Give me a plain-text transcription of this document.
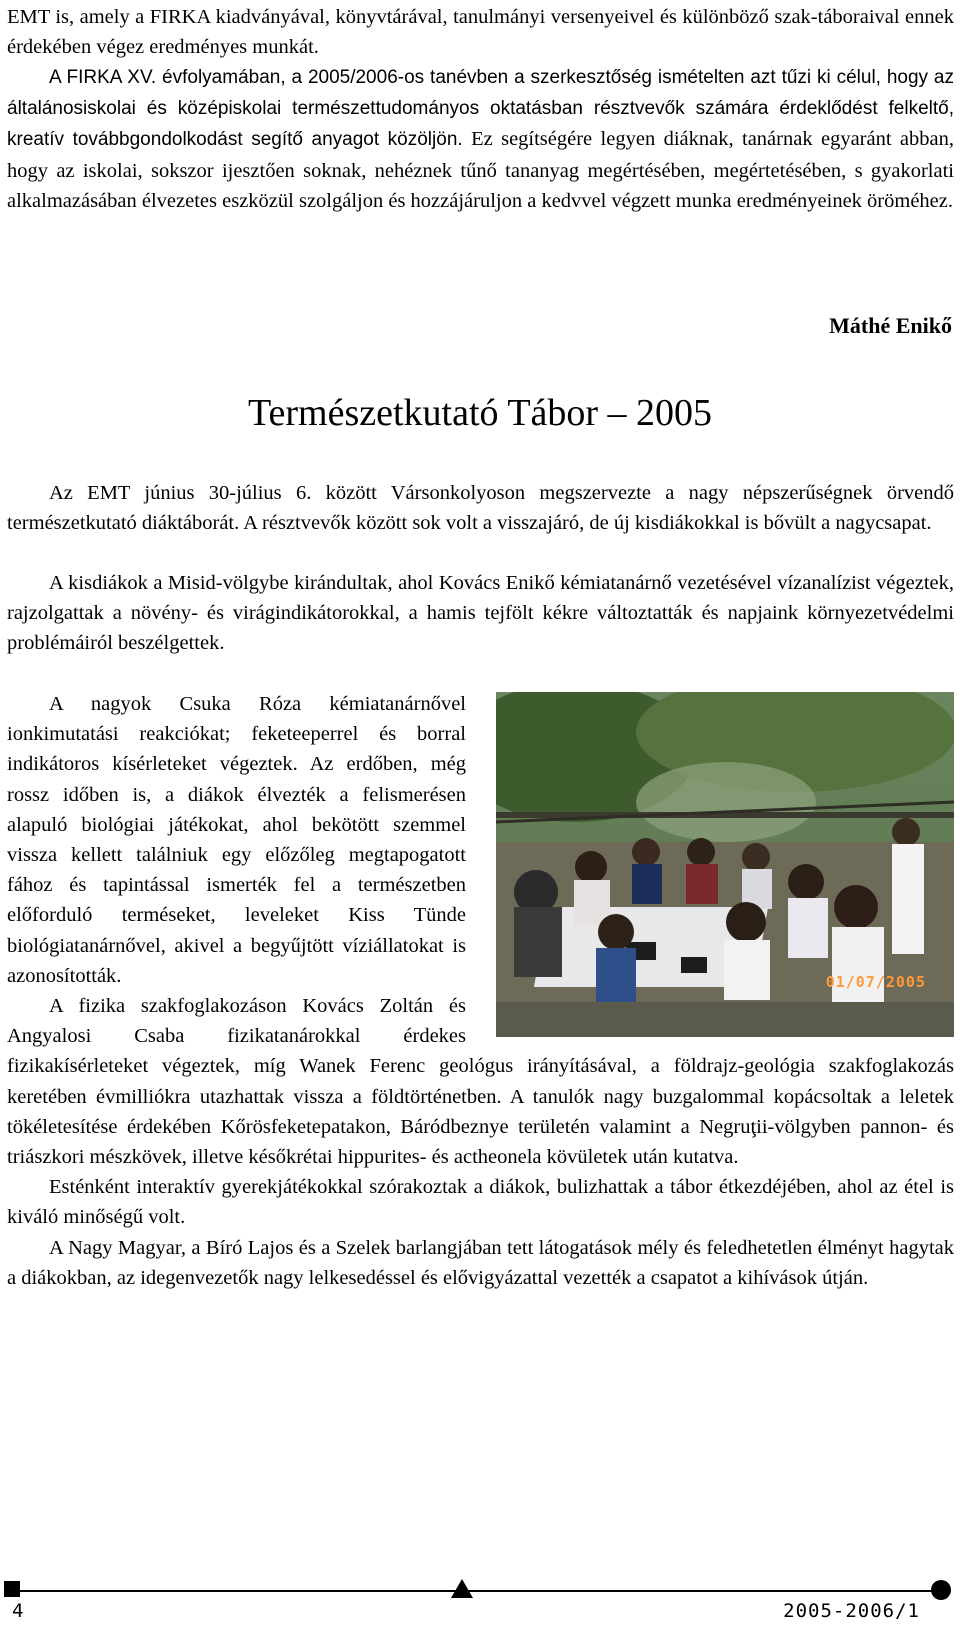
EMT is, amely a FIRKA kiadványával, könyvtárával, tanulmányi versenyeivel és különböző szak-táboraival ennek érdekében végez eredményes munkát.

A FIRKA XV. évfolyamában, a 2005/2006-os tanévben a szerkesztőség ismételten azt tűzi ki célul, hogy az általánosiskolai és középiskolai természettudományos oktatásban résztvevők számára érdeklődést felkeltő, kreatív továbbgondolkodást segítő anyagot közöljön. Ez segítségére legyen diáknak, tanárnak egyaránt abban, hogy az iskolai, sokszor ijesztően soknak, nehéznek tűnő tananyag megértésében, megértetésében, s gyakorlati alkalmazásában élvezetes eszközül szolgáljon és hozzájáruljon a kedvvel végzett munka eredményeinek öröméhez.

Máthé Enikő
Természetkutató Tábor – 2005

Az EMT június 30-július 6. között Vársonkolyoson megszervezte a nagy népszerűségnek örvendő természetkutató diáktáborát. A résztvevők között sok volt a visszajáró, de új kisdiákokkal is bővült a nagycsapat.

A kisdiákok a Misid-völgybe kirándultak, ahol Kovács Enikő kémiatanárnő vezetésével vízanalízist végeztek, rajzolgattak a növény- és virágindikátorokkal, a hamis tejfölt kékre változtatták és napjaink környezetvédelmi problémáiról beszélgettek.

01/07/2005

A nagyok Csuka Róza kémiatanárnővel ionkimutatási reakciókat; feketeeperrel és borral indikátoros kísérleteket végeztek. Az erdőben, még rossz időben is, a diákok élvezték a felismerésen alapuló biológiai játékokat, ahol bekötött szemmel vissza kellett találniuk egy előzőleg megtapogatott fához és tapintással ismerték fel a természetben előforduló terméseket, leveleket Kiss Tünde biológiatanárnővel, akivel a begyűjtött víziállatokat is azonosították.

A fizika szakfoglakozáson Kovács Zoltán és Angyalosi Csaba fizikatanárokkal érdekes fizikakísérleteket végeztek, míg Wanek Ferenc geológus irányításával, a földrajz-geológia szakfoglakozás keretében évmilliókra utazhattak vissza a földtörténetben. A tanulók nagy buzgalommal kopácsoltak a leletek tökéletesítése érdekében Kőrösfeketepatakon, Báródbeznye területén valamint a Negruţii-völgyben pannon- és triászkori mészkövek, illetve későkrétai hippurites- és actheonela kövületek után kutatva.

Esténként interaktív gyerekjátékokkal szórakoztak a diákok, bulizhattak a tábor étkezdéjében, ahol az étel is kiváló minőségű volt.

A Nagy Magyar, a Bíró Lajos és a Szelek barlangjában tett látogatások mély és feledhetetlen élményt hagytak a diákokban, az idegenvezetők nagy lelkesedéssel és elővigyázattal vezették a csapatot a kihívások útján.

4	2005-2006/1
